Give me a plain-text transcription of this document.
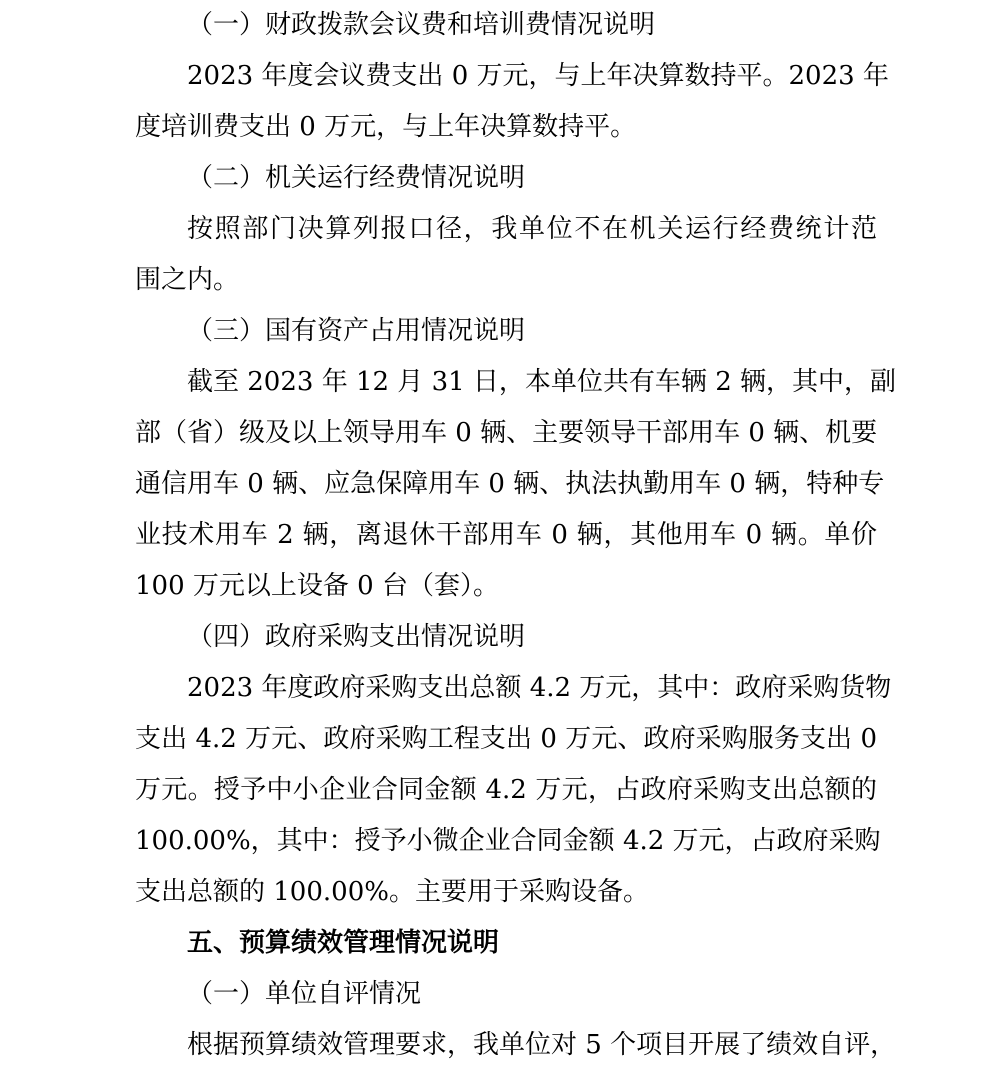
（一）财政拨款会议费和培训费情况说明
2023 年度会议费支出 0 万元，与上年决算数持平。2023 年
度培训费支出 0 万元，与上年决算数持平。
（二）机关运行经费情况说明
按照部门决算列报口径，我单位不在机关运行经费统计范
围之内。
（三）国有资产占用情况说明
截至 2023 年 12 月 31 日，本单位共有车辆 2 辆，其中，副
部（省）级及以上领导用车 0 辆、主要领导干部用车 0 辆、机要
通信用车 0 辆、应急保障用车 0 辆、执法执勤用车 0 辆，特种专
业技术用车 2 辆，离退休干部用车 0 辆，其他用车 0 辆。单价
100 万元以上设备 0 台（套）。
（四）政府采购支出情况说明
2023 年度政府采购支出总额 4.2 万元，其中：政府采购货物
支出 4.2 万元、政府采购工程支出 0 万元、政府采购服务支出 0
万元。授予中小企业合同金额 4.2 万元，占政府采购支出总额的
100.00%，其中：授予小微企业合同金额 4.2 万元，占政府采购
支出总额的 100.00%。主要用于采购设备。
五、预算绩效管理情况说明
（一）单位自评情况
根据预算绩效管理要求，我单位对 5 个项目开展了绩效自评，
